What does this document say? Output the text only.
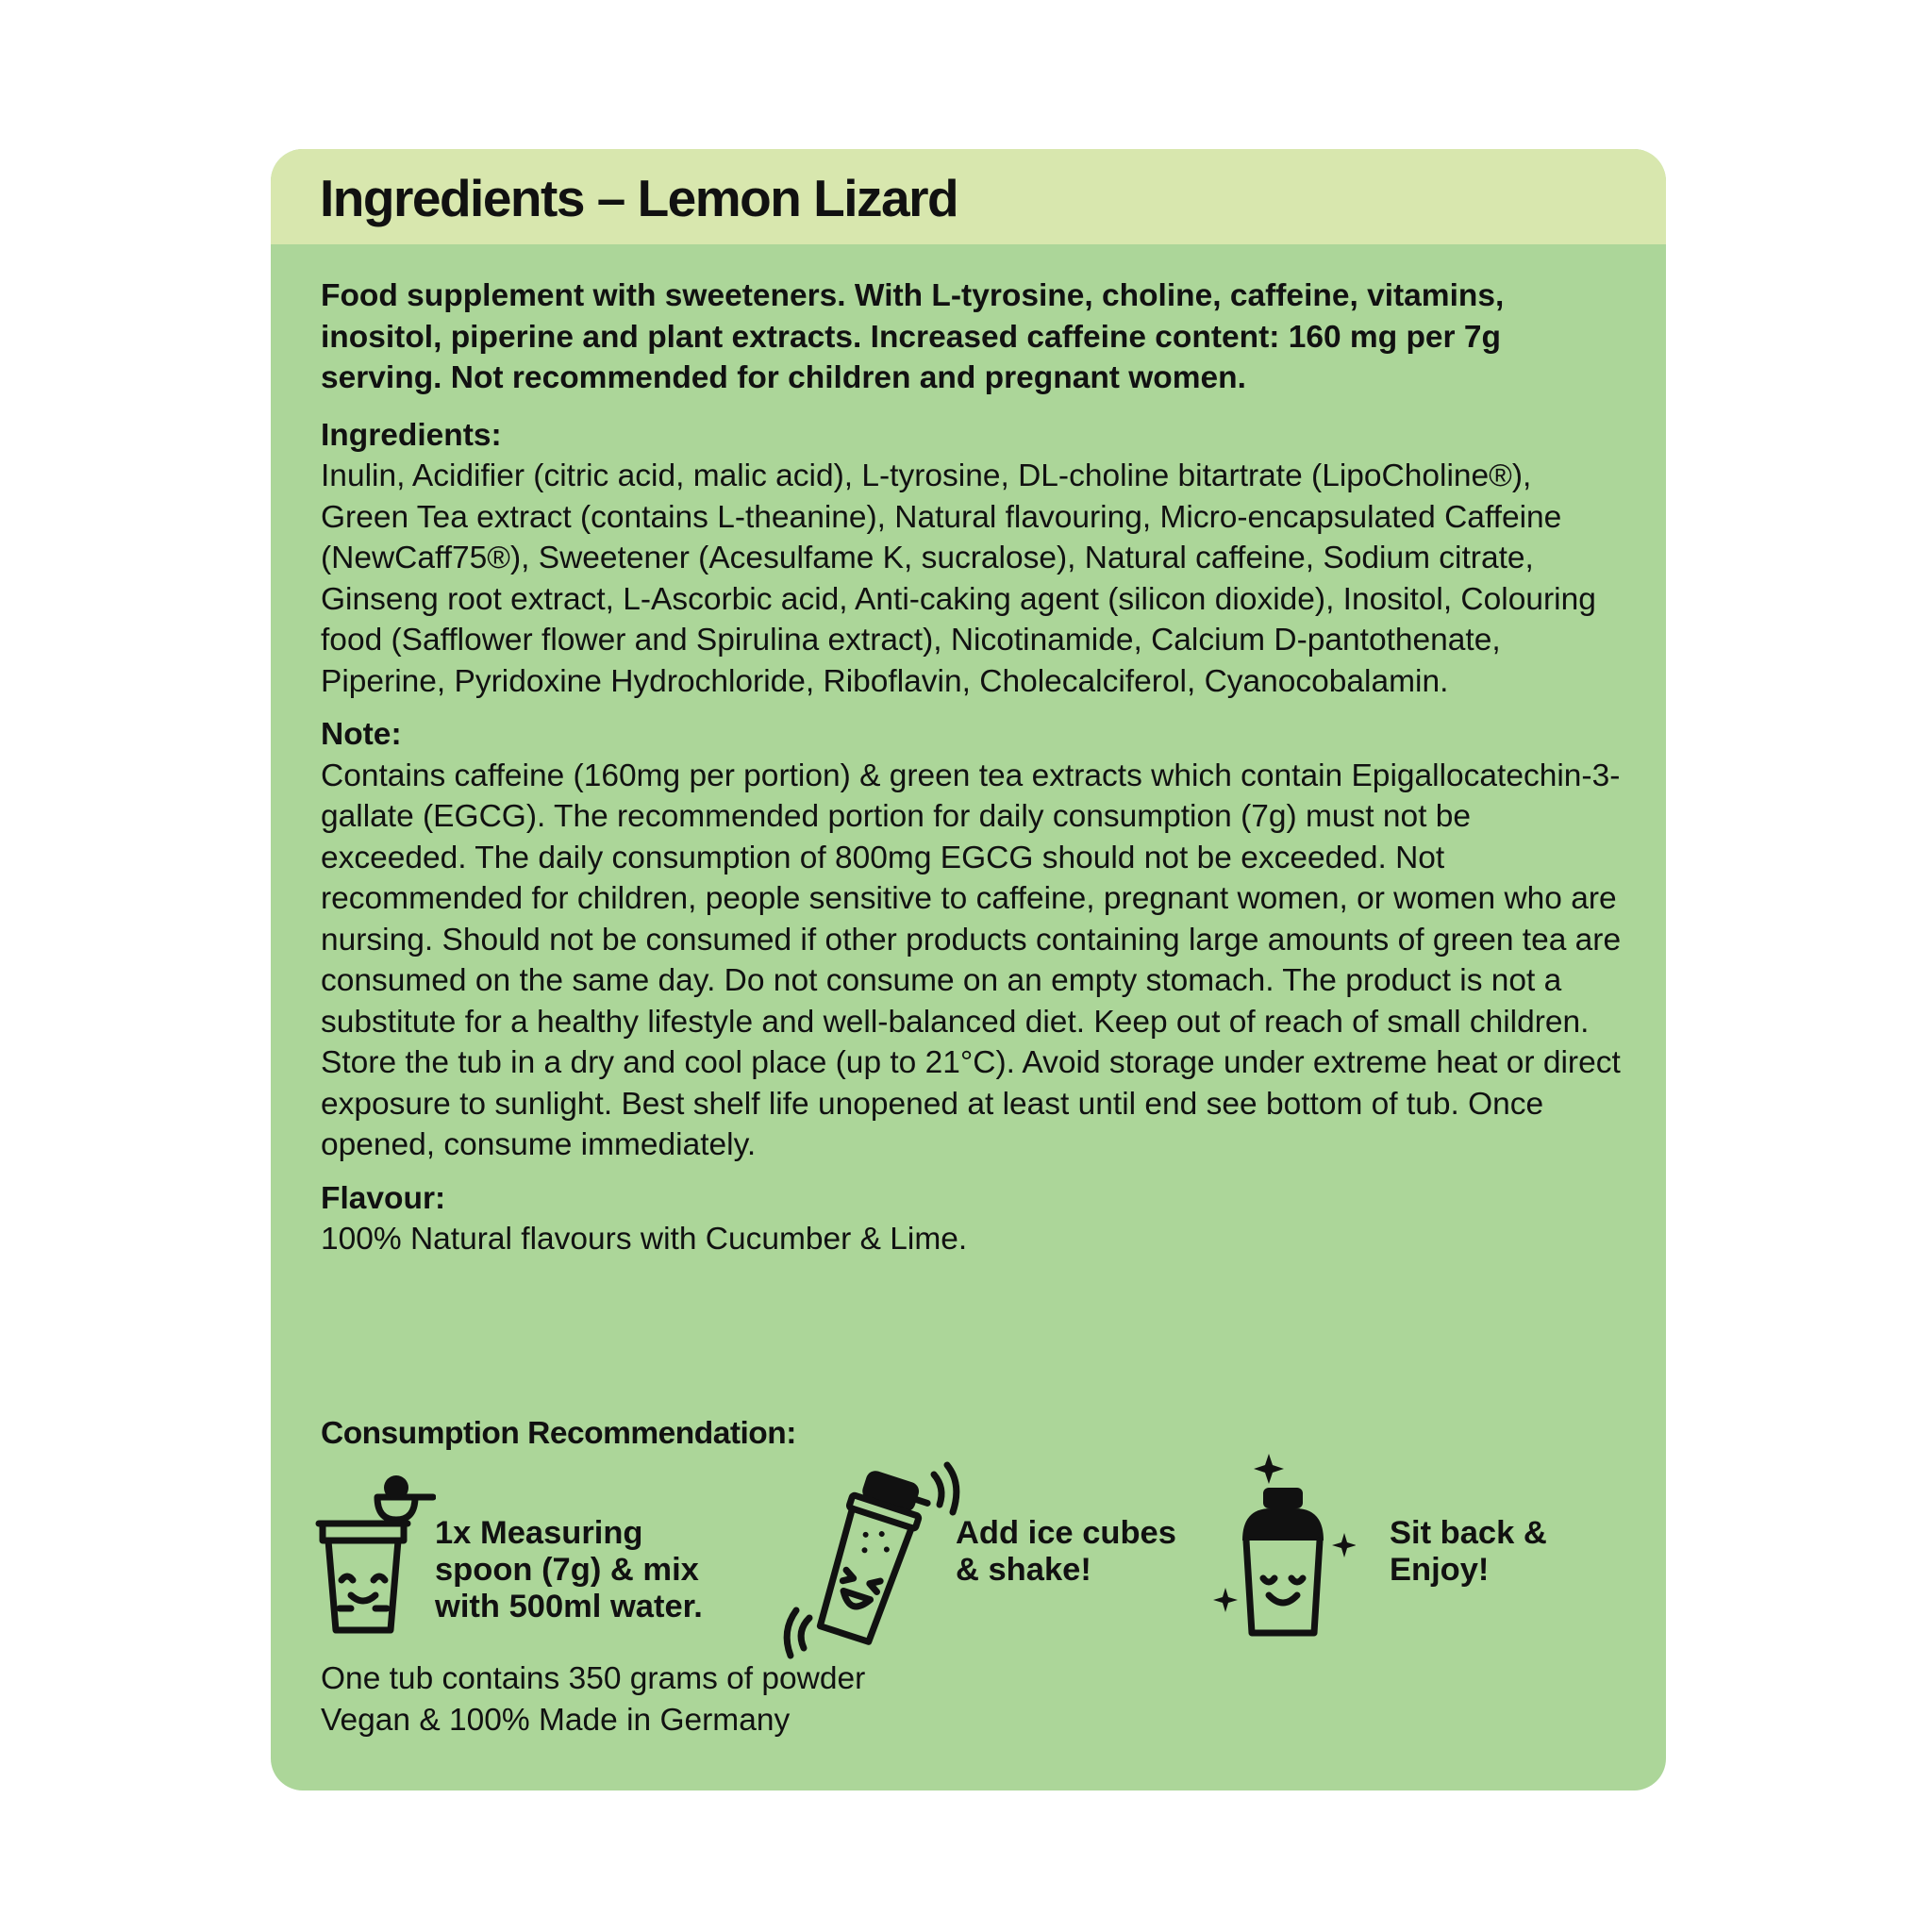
Ingredients – Lemon Lizard

Food supplement with sweeteners. With L-tyrosine, choline, caffeine, vitamins, inositol, piperine and plant extracts. Increased caffeine content: 160 mg per 7g serving. Not recommended for children and pregnant women.

Ingredients:

Inulin, Acidifier (citric acid, malic acid), L-tyrosine, DL-choline bitartrate (LipoCholine®), Green Tea extract (contains L-theanine), Natural flavouring, Micro-encapsulated Caffeine (NewCaff75®), Sweetener (Acesulfame K, sucralose), Natural caffeine, Sodium citrate, Ginseng root extract, L-Ascorbic acid, Anti-caking agent (silicon dioxide), Inositol, Colouring food (Safflower flower and Spirulina extract), Nicotinamide, Calcium D-pantothenate, Piperine, Pyridoxine Hydrochloride, Riboflavin, Cholecalciferol, Cyanocobalamin.

Note:

Contains caffeine (160mg per portion) & green tea extracts which contain Epigallocatechin-3-gallate (EGCG). The recommended portion for daily consumption (7g) must not be exceeded. The daily consumption of 800mg EGCG should not be exceeded. Not recommended for children, people sensitive to caffeine, pregnant women, or women who are nursing. Should not be consumed if other products containing large amounts of green tea are consumed on the same day. Do not consume on an empty stomach. The product is not a substitute for a healthy lifestyle and well-balanced diet. Keep out of reach of small children. Store the tub in a dry and cool place (up to 21°C). Avoid storage under extreme heat or direct exposure to sunlight. Best shelf life unopened at least until end see bottom of tub. Once opened, consume immediately.

Flavour:

100% Natural flavours with Cucumber & Lime.

Consumption Recommendation:

1x Measuring
spoon (7g) & mix
with 500ml water.

Add ice cubes
& shake!

Sit back &
Enjoy!

One tub contains 350 grams of powder
Vegan & 100% Made in Germany
